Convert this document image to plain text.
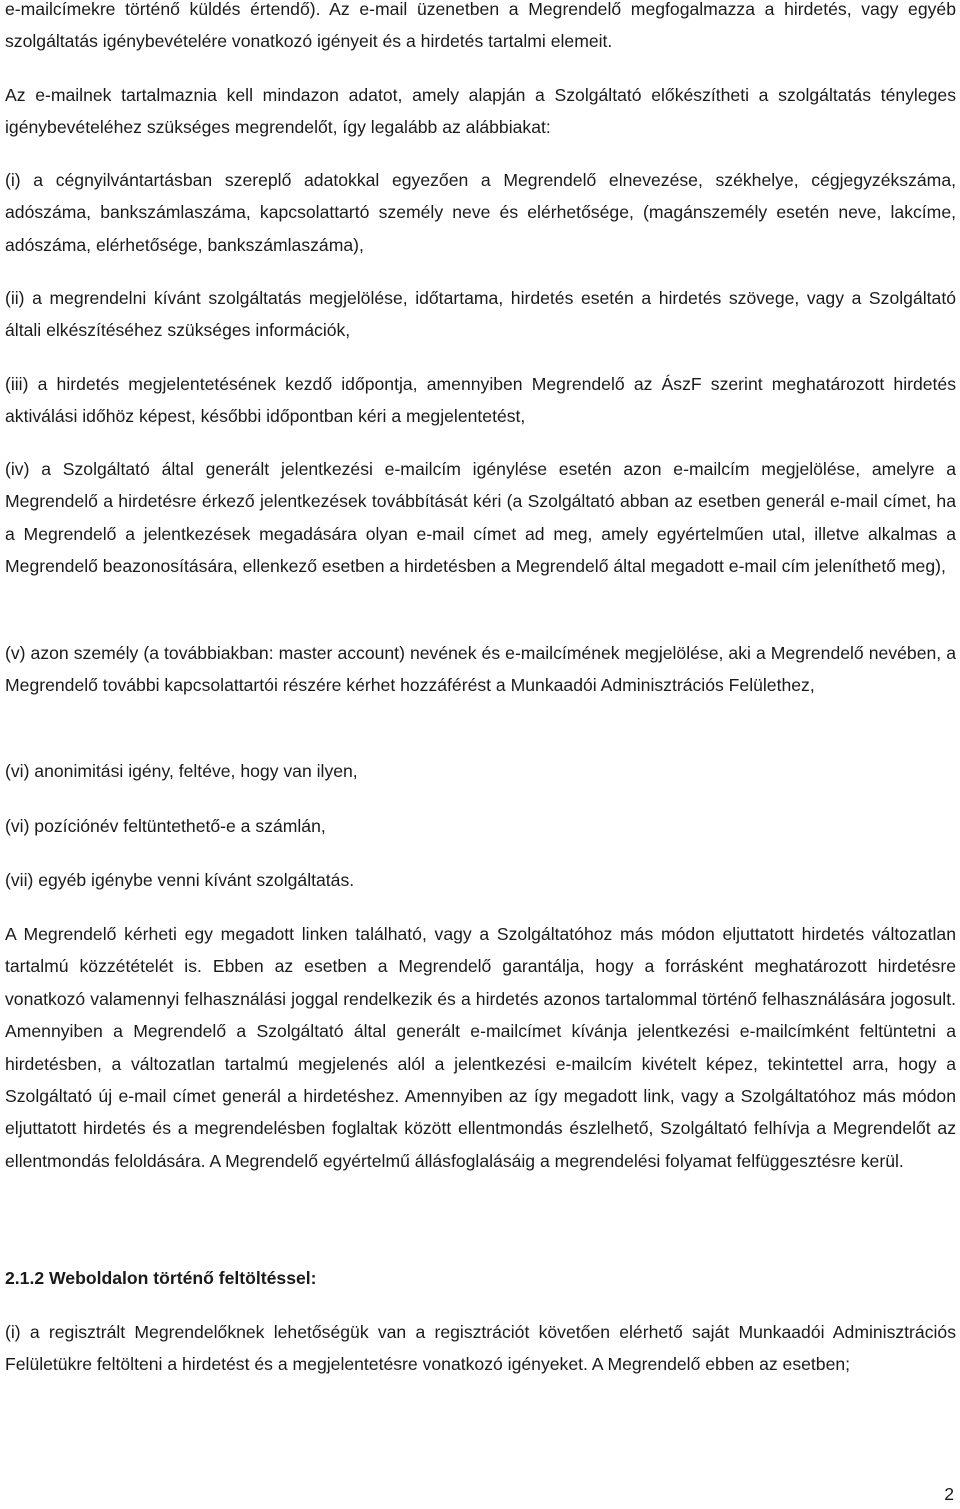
e-mailcímekre történő küldés értendő). Az e-mail üzenetben a Megrendelő megfogalmazza a hirdetés, vagy egyéb szolgáltatás igénybevételére vonatkozó igényeit és a hirdetés tartalmi elemeit.

Az e-mailnek tartalmaznia kell mindazon adatot, amely alapján a Szolgáltató előkészítheti a szolgáltatás tényleges igénybevételéhez szükséges megrendelőt, így legalább az alábbiakat:

(i) a cégnyilvántartásban szereplő adatokkal egyezően a Megrendelő elnevezése, székhelye, cégjegyzékszáma, adószáma, bankszámlaszáma, kapcsolattartó személy neve és elérhetősége, (magánszemély esetén neve, lakcíme, adószáma, elérhetősége, bankszámlaszáma),

(ii) a megrendelni kívánt szolgáltatás megjelölése, időtartama, hirdetés esetén a hirdetés szövege, vagy a Szolgáltató általi elkészítéséhez szükséges információk,

(iii) a hirdetés megjelentetésének kezdő időpontja, amennyiben Megrendelő az ÁszF szerint meghatározott hirdetés aktiválási időhöz képest, későbbi időpontban kéri a megjelentetést,

(iv) a Szolgáltató által generált jelentkezési e-mailcím igénylése esetén azon e-mailcím megjelölése, amelyre a Megrendelő a hirdetésre érkező jelentkezések továbbítását kéri (a Szolgáltató abban az esetben generál e-mail címet, ha a Megrendelő a jelentkezések megadására olyan e-mail címet ad meg, amely egyértelműen utal, illetve alkalmas a Megrendelő beazonosítására, ellenkező esetben a hirdetésben a Megrendelő által megadott e-mail cím jeleníthető meg),

(v) azon személy (a továbbiakban: master account) nevének és e-mailcímének megjelölése, aki a Megrendelő nevében, a Megrendelő további kapcsolattartói részére kérhet hozzáférést a Munkaadói Adminisztrációs Felülethez,

(vi) anonimitási igény, feltéve, hogy van ilyen,

(vi) pozíciónév feltüntethető-e a számlán,

(vii) egyéb igénybe venni kívánt szolgáltatás.

A Megrendelő kérheti egy megadott linken található, vagy a Szolgáltatóhoz más módon eljuttatott hirdetés változatlan tartalmú közzétételét is. Ebben az esetben a Megrendelő garantálja, hogy a forrásként meghatározott hirdetésre vonatkozó valamennyi felhasználási joggal rendelkezik és a hirdetés azonos tartalommal történő felhasználására jogosult. Amennyiben a Megrendelő a Szolgáltató által generált e-mailcímet kívánja jelentkezési e-mailcímként feltüntetni a hirdetésben, a változatlan tartalmú megjelenés alól a jelentkezési e-mailcím kivételt képez, tekintettel arra, hogy a Szolgáltató új e-mail címet generál a hirdetéshez. Amennyiben az így megadott link, vagy a Szolgáltatóhoz más módon eljuttatott hirdetés és a megrendelésben foglaltak között ellentmondás észlelhető, Szolgáltató felhívja a Megrendelőt az ellentmondás feloldására. A Megrendelő egyértelmű állásfoglalásáig a megrendelési folyamat felfüggesztésre kerül.

2.1.2 Weboldalon történő feltöltéssel:

(i) a regisztrált Megrendelőknek lehetőségük van a regisztrációt követően elérhető saját Munkaadói Adminisztrációs Felületükre feltölteni a hirdetést és a megjelentetésre vonatkozó igényeket. A Megrendelő ebben az esetben;

2
